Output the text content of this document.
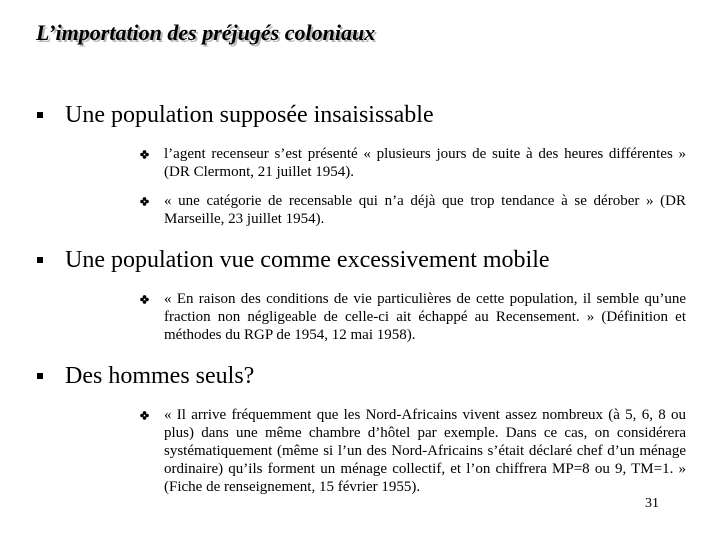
L’importation des préjugés coloniaux
Une population supposée insaisissable
l’agent recenseur s’est présenté « plusieurs jours de suite à des heures différentes » (DR Clermont, 21 juillet 1954).
« une catégorie de recensable qui n’a déjà que trop tendance à se dérober » (DR Marseille, 23 juillet 1954).
Une population vue comme excessivement mobile
« En raison des conditions de vie particulières de cette population, il semble qu’une fraction non négligeable de celle-ci ait échappé au Recensement. » (Définition et méthodes du RGP de 1954, 12 mai 1958).
Des hommes seuls?
« Il arrive fréquemment que les Nord-Africains vivent assez nombreux (à 5, 6, 8 ou plus) dans une même chambre d’hôtel par exemple. Dans ce cas, on considérera systématiquement (même si l’un des Nord-Africains s’était déclaré chef d’un ménage ordinaire) qu’ils forment un ménage collectif, et l’on chiffrera MP=8 ou 9, TM=1. » (Fiche de renseignement, 15 février 1955).
31
